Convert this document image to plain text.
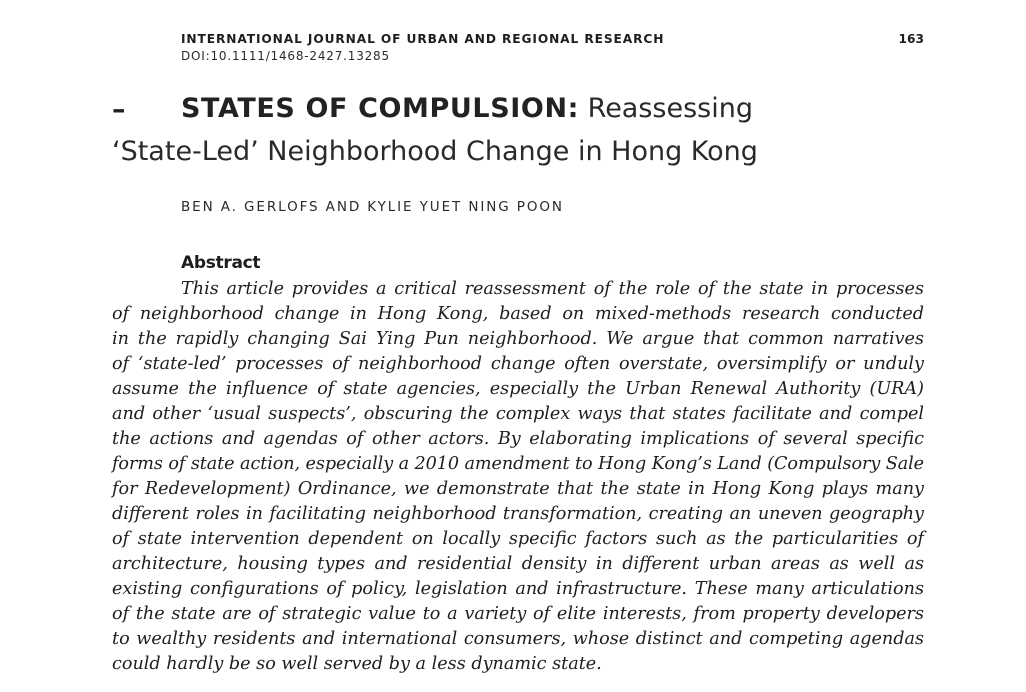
INTERNATIONAL JOURNAL OF URBAN AND REGIONAL RESEARCH	163
DOI:10.1111/1468-2427.13285
– STATES OF COMPULSION: Reassessing
‘State-Led’ Neighborhood Change in Hong Kong
BEN A. GERLOFS AND KYLIE YUET NING POON
Abstract
This article provides a critical reassessment of the role of the state in processes
of neighborhood change in Hong Kong, based on mixed-methods research conducted
in the rapidly changing Sai Ying Pun neighborhood. We argue that common narratives
of ‘state-led’ processes of neighborhood change often overstate, oversimplify or unduly
assume the influence of state agencies, especially the Urban Renewal Authority (URA)
and other ‘usual suspects’, obscuring the complex ways that states facilitate and compel
the actions and agendas of other actors. By elaborating implications of several specific
forms of state action, especially a 2010 amendment to Hong Kong’s Land (Compulsory Sale
for Redevelopment) Ordinance, we demonstrate that the state in Hong Kong plays many
different roles in facilitating neighborhood transformation, creating an uneven geography
of state intervention dependent on locally specific factors such as the particularities of
architecture, housing types and residential density in different urban areas as well as
existing configurations of policy, legislation and infrastructure. These many articulations
of the state are of strategic value to a variety of elite interests, from property developers
to wealthy residents and international consumers, whose distinct and competing agendas
could hardly be so well served by a less dynamic state.
